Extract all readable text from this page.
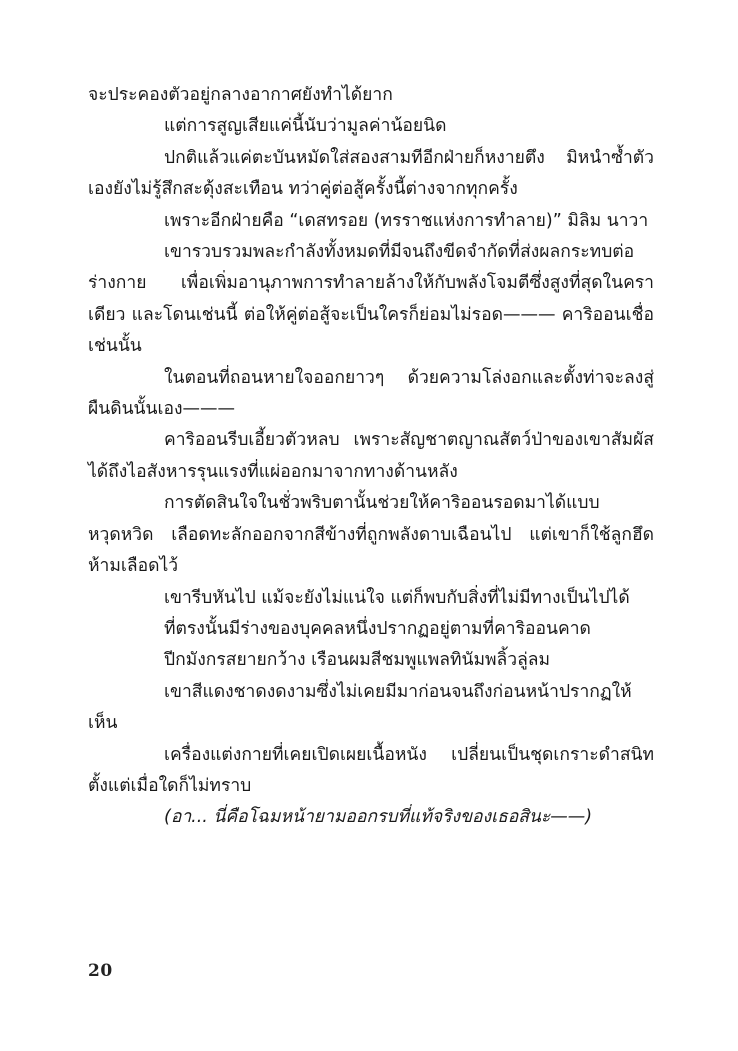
จะประคองตัวอยู่กลางอากาศยังทำได้ยาก

แต่การสูญเสียแค่นี้นับว่ามูลค่าน้อยนิด

ปกติแล้วแค่ตะบันหมัดใส่สองสามทีอีกฝ่ายก็หงายตึง มิหนำซ้ำตัวเองยังไม่รู้สึกสะดุ้งสะเทือน ทว่าคู่ต่อสู้ครั้งนี้ต่างจากทุกครั้ง

เพราะอีกฝ่ายคือ “เดสทรอย (ทรราชแห่งการทำลาย)” มิลิม นาวา

เขารวบรวมพละกำลังทั้งหมดที่มีจนถึงขีดจำกัดที่ส่งผลกระทบต่อร่างกาย เพื่อเพิ่มอานุภาพการทำลายล้างให้กับพลังโจมตีซึ่งสูงที่สุดในคราเดียว และโดนเช่นนี้ ต่อให้คู่ต่อสู้จะเป็นใครก็ย่อมไม่รอด——— คาริออนเชื่อเช่นนั้น

ในตอนที่ถอนหายใจออกยาวๆ ด้วยความโล่งอกและตั้งท่าจะลงสู่ผืนดินนั้นเอง———

คาริออนรีบเอี้ยวตัวหลบ เพราะสัญชาตญาณสัตว์ป่าของเขาสัมผัสได้ถึงไอสังหารรุนแรงที่แผ่ออกมาจากทางด้านหลัง

การตัดสินใจในชั่วพริบตานั้นช่วยให้คาริออนรอดมาได้แบบหวุดหวิด เลือดทะลักออกจากสีข้างที่ถูกพลังดาบเฉือนไป แต่เขาก็ใช้ลูกฮึดห้ามเลือดไว้

เขารีบหันไป แม้จะยังไม่แน่ใจ แต่ก็พบกับสิ่งที่ไม่มีทางเป็นไปได้

ที่ตรงนั้นมีร่างของบุคคลหนึ่งปรากฏอยู่ตามที่คาริออนคาด

ปีกมังกรสยายกว้าง เรือนผมสีชมพูแพลทินัมพลิ้วลู่ลม

เขาสีแดงชาดงดงามซึ่งไม่เคยมีมาก่อนจนถึงก่อนหน้าปรากฏให้เห็น

เครื่องแต่งกายที่เคยเปิดเผยเนื้อหนัง เปลี่ยนเป็นชุดเกราะดำสนิทตั้งแต่เมื่อใดก็ไม่ทราบ

(อา... นี่คือโฉมหน้ายามออกรบที่แท้จริงของเธอสินะ——)

20
